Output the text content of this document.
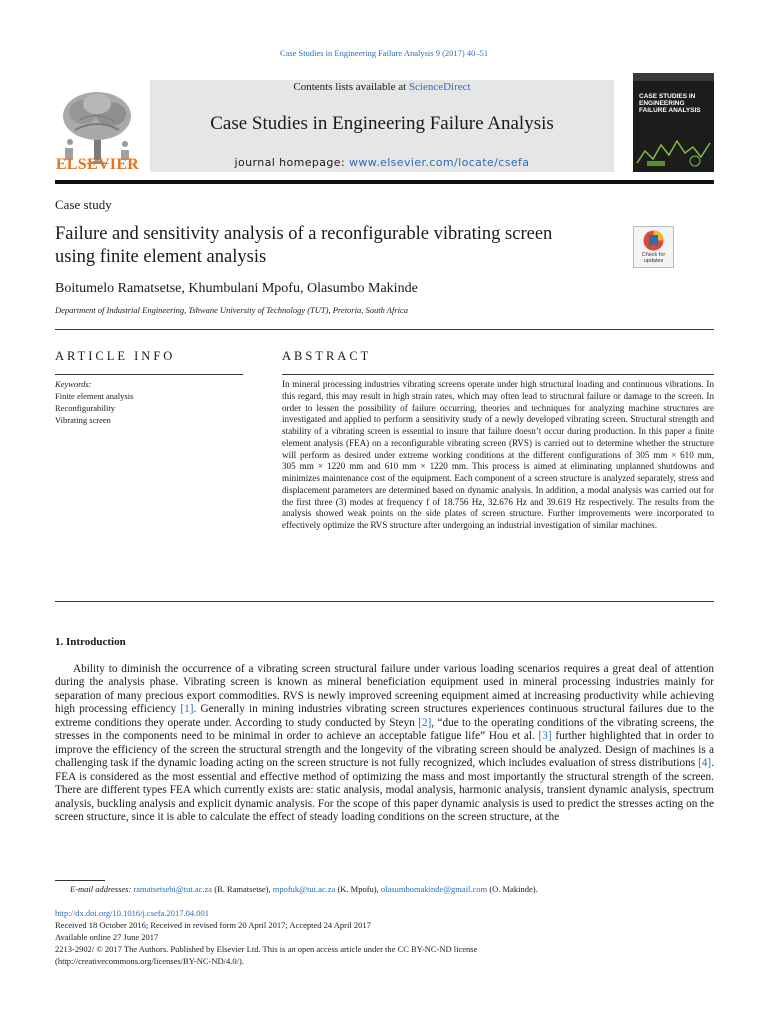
Case Studies in Engineering Failure Analysis 9 (2017) 40–51
ELSEVIER
Contents lists available at ScienceDirect
Case Studies in Engineering Failure Analysis
journal homepage: www.elsevier.com/locate/csefa
CASE STUDIES IN ENGINEERING FAILURE ANALYSIS
Case study
Failure and sensitivity analysis of a reconfigurable vibrating screen
using finite element analysis	Check for updates
Boitumelo Ramatsetse, Khumbulani Mpofu, Olasumbo Makinde
Department of Industrial Engineering, Tshwane University of Technology (TUT), Pretoria, South Africa
ARTICLE INFO
Keywords:
Finite element analysis
Reconfigurability
Vibrating screen
ABSTRACT
In mineral processing industries vibrating screens operate under high structural loading and continuous vibrations. In this regard, this may result in high strain rates, which may often lead to structural failure or damage to the screen. In order to lessen the possibility of failure occurring, theories and techniques for analyzing machine structures are investigated and applied to perform a sensitivity study of a newly developed vibrating screen. Structural strength and stability of a vibrating screen is essential to insure that failure doesn’t occur during production. In this paper a finite element analysis (FEA) on a reconfigurable vibrating screen (RVS) is carried out to determine whether the structure will perform as desired under extreme working conditions at the different configurations of 305 mm × 610 mm, 305 mm × 1220 mm and 610 mm × 1220 mm. This process is aimed at eliminating unplanned shutdowns and minimizes maintenance cost of the equipment. Each component of a screen structure is analyzed separately, stress and displacement parameters are determined based on dynamic analysis. In addition, a modal analysis was carried out for the first three (3) modes at frequency f of 18.756 Hz, 32.676 Hz and 39.619 Hz respectively. The results from the analysis showed weak points on the side plates of screen structure. Further improvements were incorporated to effectively optimize the RVS structure after undergoing an industrial investigation of similar machines.
1. Introduction
Ability to diminish the occurrence of a vibrating screen structural failure under various loading scenarios requires a great deal of attention during the analysis phase. Vibrating screen is known as mineral beneficiation equipment used in mineral processing industries mainly for separation of many precious export commodities. RVS is newly improved screening equipment aimed at increasing productivity while achieving high processing efficiency [1]. Generally in mining industries vibrating screen structures experiences continuous structural failures due to the extreme conditions they operate under. According to study conducted by Steyn [2], “due to the operating conditions of the vibrating screens, the stresses in the components need to be minimal in order to achieve an acceptable fatigue life” Hou et al. [3] further highlighted that in order to improve the efficiency of the screen the structural strength and the longevity of the vibrating screen should be analyzed. Design of machines is a challenging task if the dynamic loading acting on the screen structure is not fully recognized, which includes evaluation of stress distributions [4]. FEA is considered as the most essential and effective method of optimizing the mass and most importantly the structural strength of the screen. There are different types FEA which currently exists are: static analysis, modal analysis, harmonic analysis, transient dynamic analysis, spectrum analysis, buckling analysis and explicit dynamic analysis. For the scope of this paper dynamic analysis is used to predict the stresses acting on the screen structure, since it is able to calculate the effect of steady loading conditions on the screen structure, at the
E-mail addresses: ramatsetsebi@tut.ac.za (B. Ramatsetse), mpofuk@tut.ac.za (K. Mpofu), olasumbomakinde@gmail.com (O. Makinde).
http://dx.doi.org/10.1016/j.csefa.2017.04.001
Received 18 October 2016; Received in revised form 20 April 2017; Accepted 24 April 2017
Available online 27 June 2017
2213-2902/ © 2017 The Authors. Published by Elsevier Ltd. This is an open access article under the CC BY-NC-ND license
(http://creativecommons.org/licenses/BY-NC-ND/4.0/).
